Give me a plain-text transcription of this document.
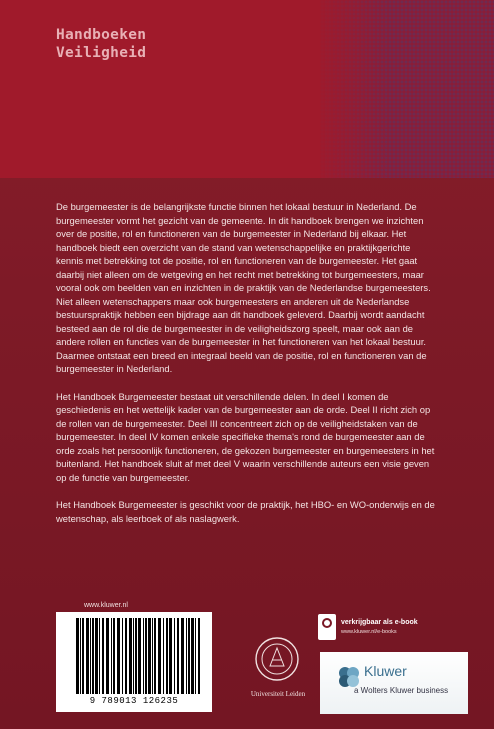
Handboeken
Veiligheid

De burgemeester is de belangrijkste functie binnen het lokaal bestuur in Nederland. De burgemeester vormt het gezicht van de gemeente. In dit handboek brengen we inzichten over de positie, rol en functioneren van de burgemeester in Nederland bij elkaar. Het handboek biedt een overzicht van de stand van wetenschappelijke en praktijkgerichte kennis met betrekking tot de positie, rol en functioneren van de burgemeester. Het gaat daarbij niet alleen om de wetgeving en het recht met betrekking tot burgemeesters, maar vooral ook om beelden van en inzichten in de praktijk van de Nederlandse burgemeesters. Niet alleen wetenschappers maar ook burgemeesters en anderen uit de Nederlandse bestuurspraktijk hebben een bijdrage aan dit handboek geleverd. Daarbij wordt aandacht besteed aan de rol die de burgemeester in de veiligheidszorg speelt, maar ook aan de andere rollen en functies van de burgemeester in het functioneren van het lokaal bestuur. Daarmee ontstaat een breed en integraal beeld van de positie, rol en functioneren van de burgemeester in Nederland.

Het Handboek Burgemeester bestaat uit verschillende delen. In deel I komen de geschiedenis en het wettelijk kader van de burgemeester aan de orde. Deel II richt zich op de rollen van de burgemeester. Deel III concentreert zich op de veiligheidstaken van de burgemeester. In deel IV komen enkele specifieke thema's rond de burgemeester aan de orde zoals het persoonlijk functioneren, de gekozen burgemeester en burgemeesters in het buitenland. Het handboek sluit af met deel V waarin verschillende auteurs een visie geven op de functie van burgemeester.

Het Handboek Burgemeester is geschikt voor de praktijk, het HBO- en WO-onderwijs en de wetenschap, als leerboek of als naslagwerk.

www.kluwer.nl
9 789013 126235
Universiteit Leiden
verkrijgbaar als e-book
www.kluwer.nl/e-books
Kluwer
a Wolters Kluwer business
